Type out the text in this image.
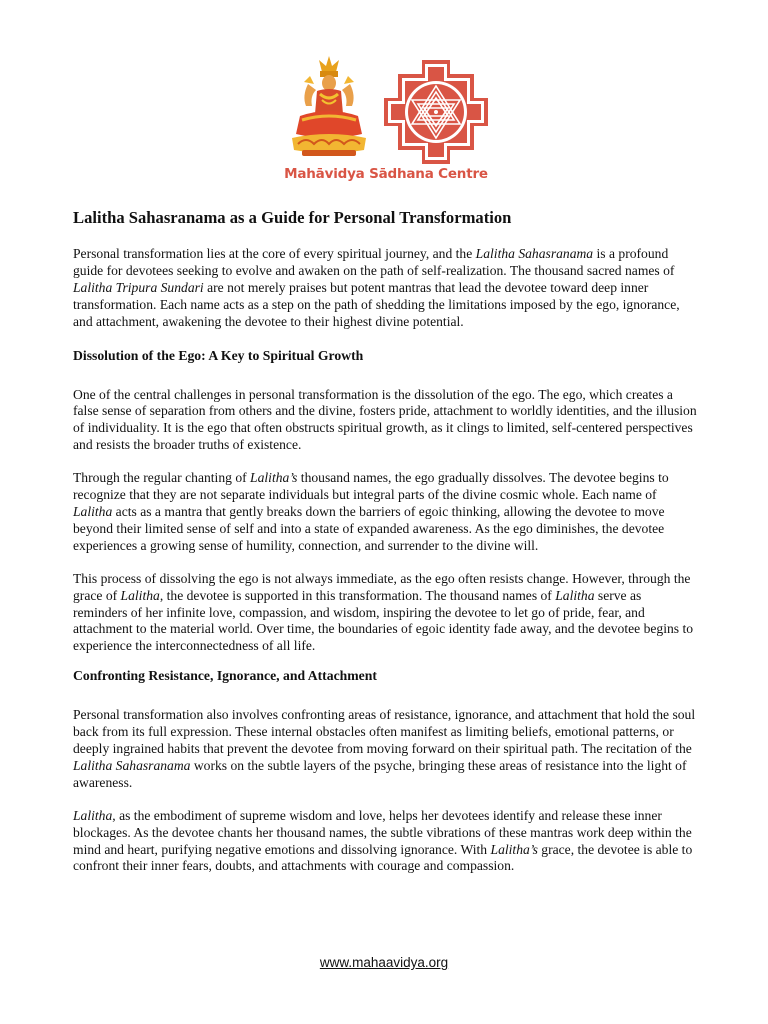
Mahāvidya Sādhana Centre
Lalitha Sahasranama as a Guide for Personal Transformation

Personal transformation lies at the core of every spiritual journey, and the Lalitha Sahasranama is a profound guide for devotees seeking to evolve and awaken on the path of self-realization. The thousand sacred names of Lalitha Tripura Sundari are not merely praises but potent mantras that lead the devotee toward deep inner transformation. Each name acts as a step on the path of shedding the limitations imposed by the ego, ignorance, and attachment, awakening the devotee to their highest divine potential.

Dissolution of the Ego: A Key to Spiritual Growth

One of the central challenges in personal transformation is the dissolution of the ego. The ego, which creates a false sense of separation from others and the divine, fosters pride, attachment to worldly identities, and the illusion of individuality. It is the ego that often obstructs spiritual growth, as it clings to limited, self-centered perspectives and resists the broader truths of existence.

Through the regular chanting of Lalitha’s thousand names, the ego gradually dissolves. The devotee begins to recognize that they are not separate individuals but integral parts of the divine cosmic whole. Each name of Lalitha acts as a mantra that gently breaks down the barriers of egoic thinking, allowing the devotee to move beyond their limited sense of self and into a state of expanded awareness. As the ego diminishes, the devotee experiences a growing sense of humility, connection, and surrender to the divine will.

This process of dissolving the ego is not always immediate, as the ego often resists change. However, through the grace of Lalitha, the devotee is supported in this transformation. The thousand names of Lalitha serve as reminders of her infinite love, compassion, and wisdom, inspiring the devotee to let go of pride, fear, and attachment to the material world. Over time, the boundaries of egoic identity fade away, and the devotee begins to experience the interconnectedness of all life.

Confronting Resistance, Ignorance, and Attachment

Personal transformation also involves confronting areas of resistance, ignorance, and attachment that hold the soul back from its full expression. These internal obstacles often manifest as limiting beliefs, emotional patterns, or deeply ingrained habits that prevent the devotee from moving forward on their spiritual path. The recitation of the Lalitha Sahasranama works on the subtle layers of the psyche, bringing these areas of resistance into the light of awareness.

Lalitha, as the embodiment of supreme wisdom and love, helps her devotees identify and release these inner blockages. As the devotee chants her thousand names, the subtle vibrations of these mantras work deep within the mind and heart, purifying negative emotions and dissolving ignorance. With Lalitha’s grace, the devotee is able to confront their inner fears, doubts, and attachments with courage and compassion.

www.mahaavidya.org
